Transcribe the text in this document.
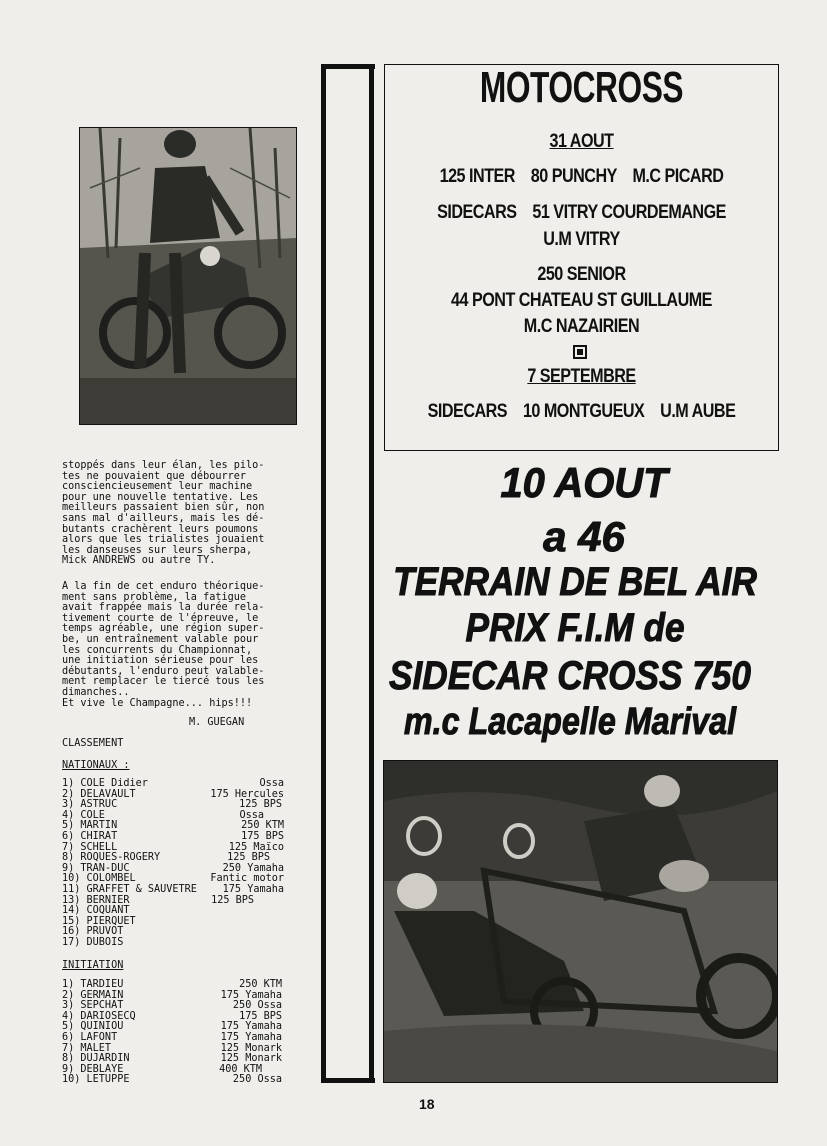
stoppés dans leur élan, les pilo-
tes ne pouvaient que débourrer
consciencieusement leur machine
pour une nouvelle tentative. Les
meilleurs passaient bien sûr, non
sans mal d'ailleurs, mais les dé-
butants crachèrent leurs poumons
alors que les trialistes jouaient
les danseuses sur leurs sherpa,
Mick ANDREWS ou autre TY.
A la fin de cet enduro théorique-
ment sans problème, la fatigue
avait frappée mais la durée rela-
tivement courte de l'épreuve, le
temps agréable, une région super-
be, un entraînement valable pour
les concurrents du Championnat,
une initiation sérieuse pour les
débutants, l'enduro peut valable-
ment remplacer le tiercé tous les
dimanches..
Et vive le Champagne... hips!!!
M. GUEGAN
CLASSEMENT
NATIONAUX :
1) COLE Didier	Ossa
2) DELAVAULT	175 Hercules
3) ASTRUC	125 BPS
4) COLE	Ossa
5) MARTIN	250 KTM
6) CHIRAT	175 BPS
7) SCHELL	125 Maïco
8) ROQUES-ROGERY	125 BPS
9) TRAN-DUC	250 Yamaha
10) COLOMBEL	Fantic motor
11) GRAFFET & SAUVETRE	175 Yamaha
13) BERNIER	125 BPS
14) COQUANT
15) PIERQUET
16) PRUVOT
17) DUBOIS
INITIATION
1) TARDIEU	250 KTM
2) GERMAIN	175 Yamaha
3) SEPCHAT	250 Ossa
4) DARIOSECQ	175 BPS
5) QUINIOU	175 Yamaha
6) LAFONT	175 Yamaha
7) MALET	125 Monark
8) DUJARDIN	125 Monark
9) DEBLAYE	400 KTM
10) LETUPPE	250 Ossa
MOTOCROSS
31 AOUT
125 INTER    80 PUNCHY    M.C PICARD
SIDECARS    51 VITRY COURDEMANGE
U.M VITRY
250 SENIOR
44 PONT CHATEAU ST GUILLAUME
M.C NAZAIRIEN
7 SEPTEMBRE
SIDECARS    10 MONTGUEUX    U.M AUBE
10 AOUT
a 46
TERRAIN DE BEL AIR
PRIX F.I.M de
SIDECAR CROSS 750
m.c Lacapelle Marival
18
